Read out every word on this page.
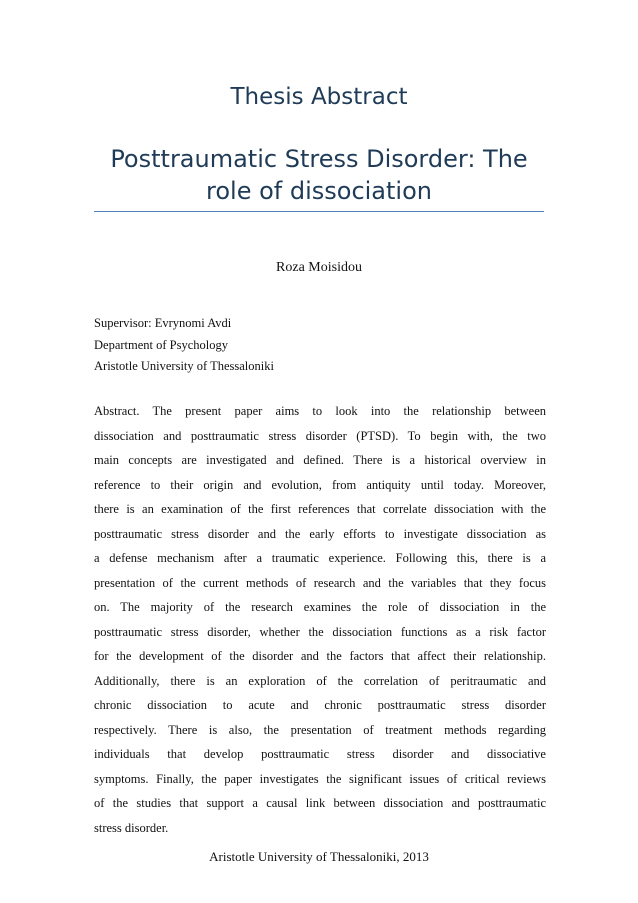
Thesis Abstract
Posttraumatic Stress Disorder: The
role of dissociation
Roza Moisidou
Supervisor: Evrynomi Avdi
Department of Psychology
Aristotle University of Thessaloniki
Abstract. The present paper aims to look into the relationship between
dissociation and posttraumatic stress disorder (PTSD). To begin with, the two
main concepts are investigated and defined. There is a historical overview in
reference to their origin and evolution, from antiquity until today. Moreover,
there is an examination of the first references that correlate dissociation with the
posttraumatic stress disorder and the early efforts to investigate dissociation as
a defense mechanism after a traumatic experience. Following this, there is a
presentation of the current methods of research and the variables that they focus
on. The majority of the research examines the role of dissociation in the
posttraumatic stress disorder, whether the dissociation functions as a risk factor
for the development of the disorder and the factors that affect their relationship.
Additionally, there is an exploration of the correlation of peritraumatic and
chronic dissociation to acute and chronic posttraumatic stress disorder
respectively. There is also, the presentation of treatment methods regarding
individuals that develop posttraumatic stress disorder and dissociative
symptoms. Finally, the paper investigates the significant issues of critical reviews
of the studies that support a causal link between dissociation and posttraumatic
stress disorder.
Aristotle University of Thessaloniki, 2013
